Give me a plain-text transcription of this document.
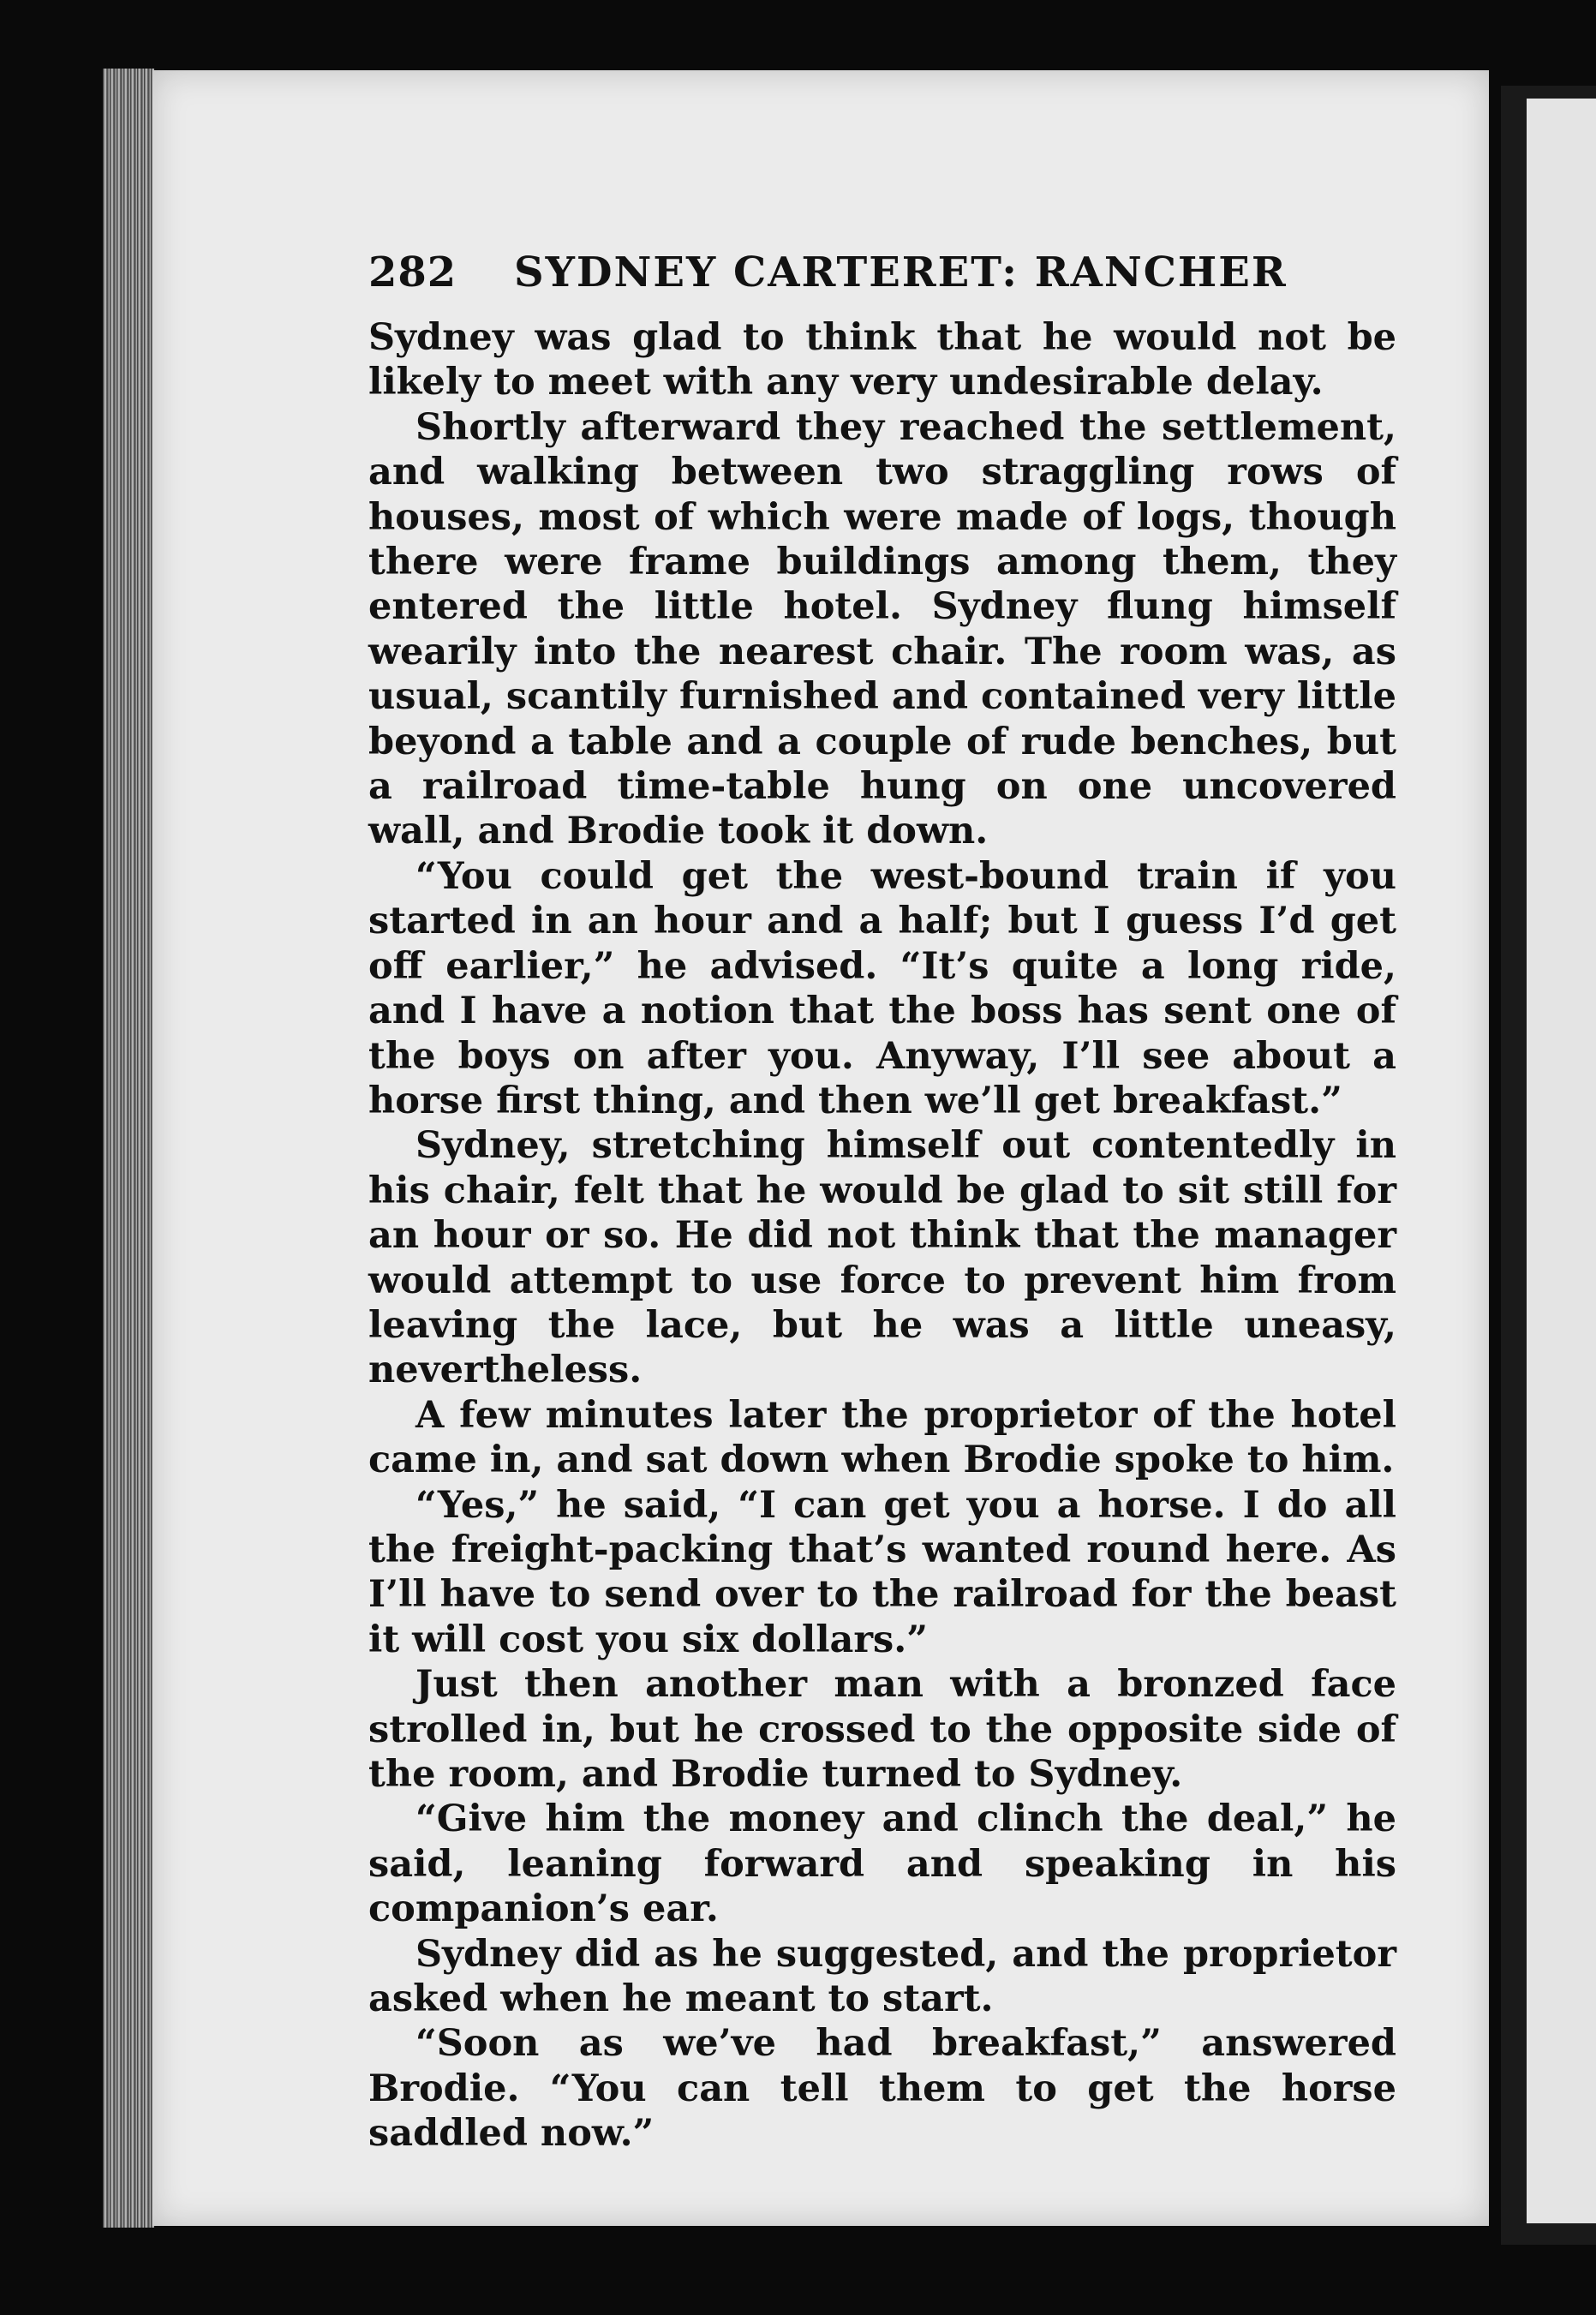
282	SYDNEY CARTERET: RANCHER

Sydney was glad to think that he would not be likely to meet with any very undesirable delay.

Shortly afterward they reached the settlement, and walking between two straggling rows of houses, most of which were made of logs, though there were frame buildings among them, they entered the little hotel. Sydney flung himself wearily into the nearest chair. The room was, as usual, scantily furnished and contained very little beyond a table and a couple of rude benches, but a railroad time-table hung on one uncovered wall, and Brodie took it down.

“You could get the west-bound train if you started in an hour and a half; but I guess I’d get off earlier,” he advised. “It’s quite a long ride, and I have a notion that the boss has sent one of the boys on after you. Anyway, I’ll see about a horse first thing, and then we’ll get breakfast.”

Sydney, stretching himself out contentedly in his chair, felt that he would be glad to sit still for an hour or so. He did not think that the manager would attempt to use force to prevent him from leaving the lace, but he was a little uneasy, nevertheless.

A few minutes later the proprietor of the hotel came in, and sat down when Brodie spoke to him.

“Yes,” he said, “I can get you a horse. I do all the freight-packing that’s wanted round here. As I’ll have to send over to the railroad for the beast it will cost you six dollars.”

Just then another man with a bronzed face strolled in, but he crossed to the opposite side of the room, and Brodie turned to Sydney.

“Give him the money and clinch the deal,” he said, leaning forward and speaking in his companion’s ear.

Sydney did as he suggested, and the proprietor asked when he meant to start.

“Soon as we’ve had breakfast,” answered Brodie. “You can tell them to get the horse saddled now.”
